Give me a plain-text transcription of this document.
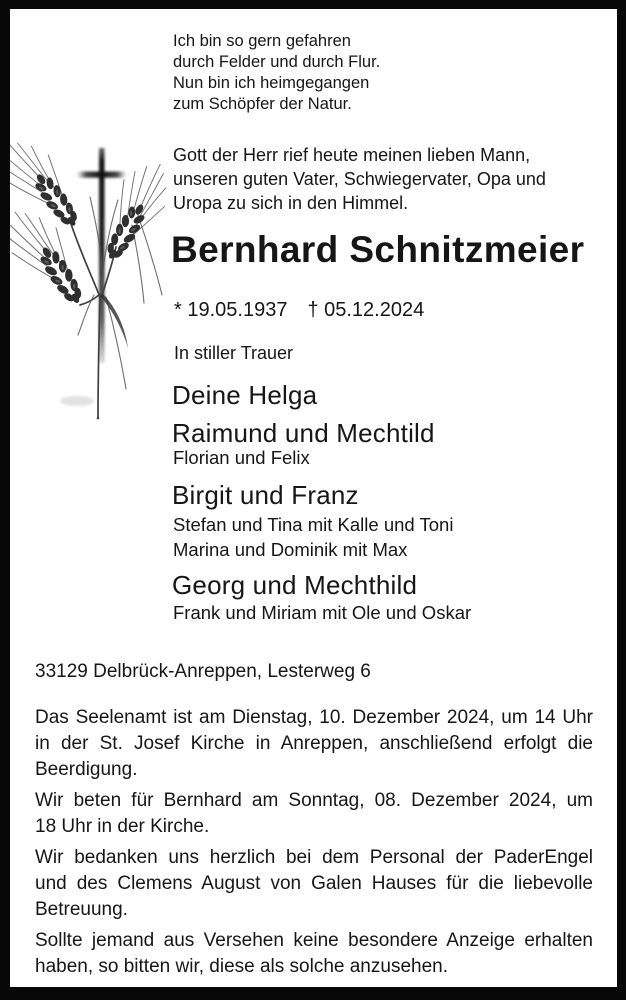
Ich bin so gern gefahren
durch Felder und durch Flur.
Nun bin ich heimgegangen
zum Schöpfer der Natur.
Gott der Herr rief heute meinen lieben Mann,
unseren guten Vater, Schwiegervater, Opa und
Uropa zu sich in den Himmel.
Bernhard Schnitzmeier
* 19.05.1937 † 05.12.2024
In stiller Trauer
Deine Helga
Raimund und Mechtild
Florian und Felix
Birgit und Franz
Stefan und Tina mit Kalle und Toni
Marina und Dominik mit Max
Georg und Mechthild
Frank und Miriam mit Ole und Oskar
33129 Delbrück-Anreppen, Lesterweg 6
Das Seelenamt ist am Dienstag, 10. Dezember 2024, um 14 Uhr
in der St. Josef Kirche in Anreppen, anschließend erfolgt die
Beerdigung.
Wir beten für Bernhard am Sonntag, 08. Dezember 2024, um
18 Uhr in der Kirche.
Wir bedanken uns herzlich bei dem Personal der PaderEngel
und des Clemens August von Galen Hauses für die liebevolle
Betreuung.
Sollte jemand aus Versehen keine besondere Anzeige erhalten
haben, so bitten wir, diese als solche anzusehen.
